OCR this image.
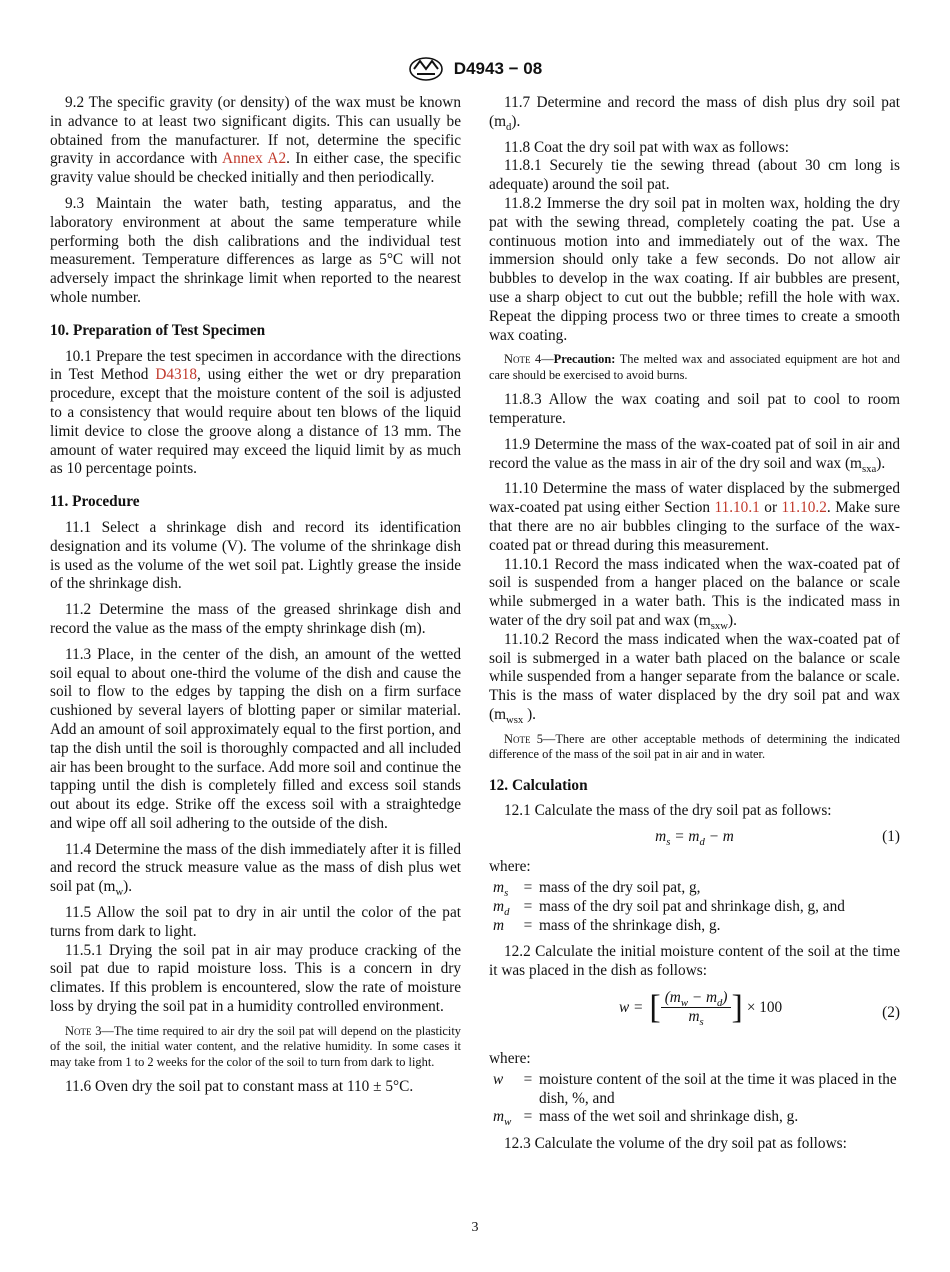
D4943 − 08

9.2 The specific gravity (or density) of the wax must be known in advance to at least two significant digits. This can usually be obtained from the manufacturer. If not, determine the specific gravity in accordance with Annex A2. In either case, the specific gravity value should be checked initially and then periodically.

9.3 Maintain the water bath, testing apparatus, and the laboratory environment at about the same temperature while performing both the dish calibrations and the individual test measurement. Temperature differences as large as 5°C will not adversely impact the shrinkage limit when reported to the nearest whole number.

10. Preparation of Test Specimen

10.1 Prepare the test specimen in accordance with the directions in Test Method D4318, using either the wet or dry preparation procedure, except that the moisture content of the soil is adjusted to a consistency that would require about ten blows of the liquid limit device to close the groove along a distance of 13 mm. The amount of water required may exceed the liquid limit by as much as 10 percentage points.

11. Procedure

11.1 Select a shrinkage dish and record its identification designation and its volume (V). The volume of the shrinkage dish is used as the volume of the wet soil pat. Lightly grease the inside of the shrinkage dish.

11.2 Determine the mass of the greased shrinkage dish and record the value as the mass of the empty shrinkage dish (m).

11.3 Place, in the center of the dish, an amount of the wetted soil equal to about one-third the volume of the dish and cause the soil to flow to the edges by tapping the dish on a firm surface cushioned by several layers of blotting paper or similar material. Add an amount of soil approximately equal to the first portion, and tap the dish until the soil is thoroughly compacted and all included air has been brought to the surface. Add more soil and continue the tapping until the dish is completely filled and excess soil stands out about its edge. Strike off the excess soil with a straightedge and wipe off all soil adhering to the outside of the dish.

11.4 Determine the mass of the dish immediately after it is filled and record the struck measure value as the mass of dish plus wet soil pat $(m_w)$.

11.5 Allow the soil pat to dry in air until the color of the pat turns from dark to light.

11.5.1 Drying the soil pat in air may produce cracking of the soil pat due to rapid moisture loss. This is a concern in dry climates. If this problem is encountered, slow the rate of moisture loss by drying the soil pat in a humidity controlled environment.

Note 3—The time required to air dry the soil pat will depend on the plasticity of the soil, the initial water content, and the relative humidity. In some cases it may take from 1 to 2 weeks for the color of the soil to turn from dark to light.

11.6 Oven dry the soil pat to constant mass at 110 ± 5°C.

11.7 Determine and record the mass of dish plus dry soil pat $(m_d)$.

11.8 Coat the dry soil pat with wax as follows:

11.8.1 Securely tie the sewing thread (about 30 cm long is adequate) around the soil pat.

11.8.2 Immerse the dry soil pat in molten wax, holding the dry pat with the sewing thread, completely coating the pat. Use a continuous motion into and immediately out of the wax. The immersion should only take a few seconds. Do not allow air bubbles to develop in the wax coating. If air bubbles are present, use a sharp object to cut out the bubble; refill the hole with wax. Repeat the dipping process two or three times to create a smooth wax coating.

Note 4—Precaution: The melted wax and associated equipment are hot and care should be exercised to avoid burns.

11.8.3 Allow the wax coating and soil pat to cool to room temperature.

11.9 Determine the mass of the wax-coated pat of soil in air and record the value as the mass in air of the dry soil and wax $(m_{sxa})$.

11.10 Determine the mass of water displaced by the submerged wax-coated pat using either Section 11.10.1 or 11.10.2. Make sure that there are no air bubbles clinging to the surface of the wax-coated pat or thread during this measurement.

11.10.1 Record the mass indicated when the wax-coated pat of soil is suspended from a hanger placed on the balance or scale while submerged in a water bath. This is the indicated mass in water of the dry soil pat and wax $(m_{sxw})$.

11.10.2 Record the mass indicated when the wax-coated pat of soil is submerged in a water bath placed on the balance or scale while suspended from a hanger separate from the balance or scale. This is the mass of water displaced by the dry soil pat and wax ($m_{wsx}$ ).

Note 5—There are other acceptable methods of determining the indicated difference of the mass of the soil pat in air and in water.
12. Calculation

12.1 Calculate the mass of the dry soil pat as follows:

$m_s = m_d - m$	(1)
where:
$m_s$	= mass of the dry soil pat, g,
$m_d$ = mass of the dry soil pat and shrinkage dish, g, and
m	= mass of the shrinkage dish, g.

12.2 Calculate the initial moisture content of the soil at the time it was placed in the dish as follows:

w = [ $(m_w - m_d)$
$m_s$ ] × 100	(2)
where:
w	= moisture content of the soil at the time it was placed in the dish, %, and
$m_w$ = mass of the wet soil and shrinkage dish, g.

12.3 Calculate the volume of the dry soil pat as follows:

3
